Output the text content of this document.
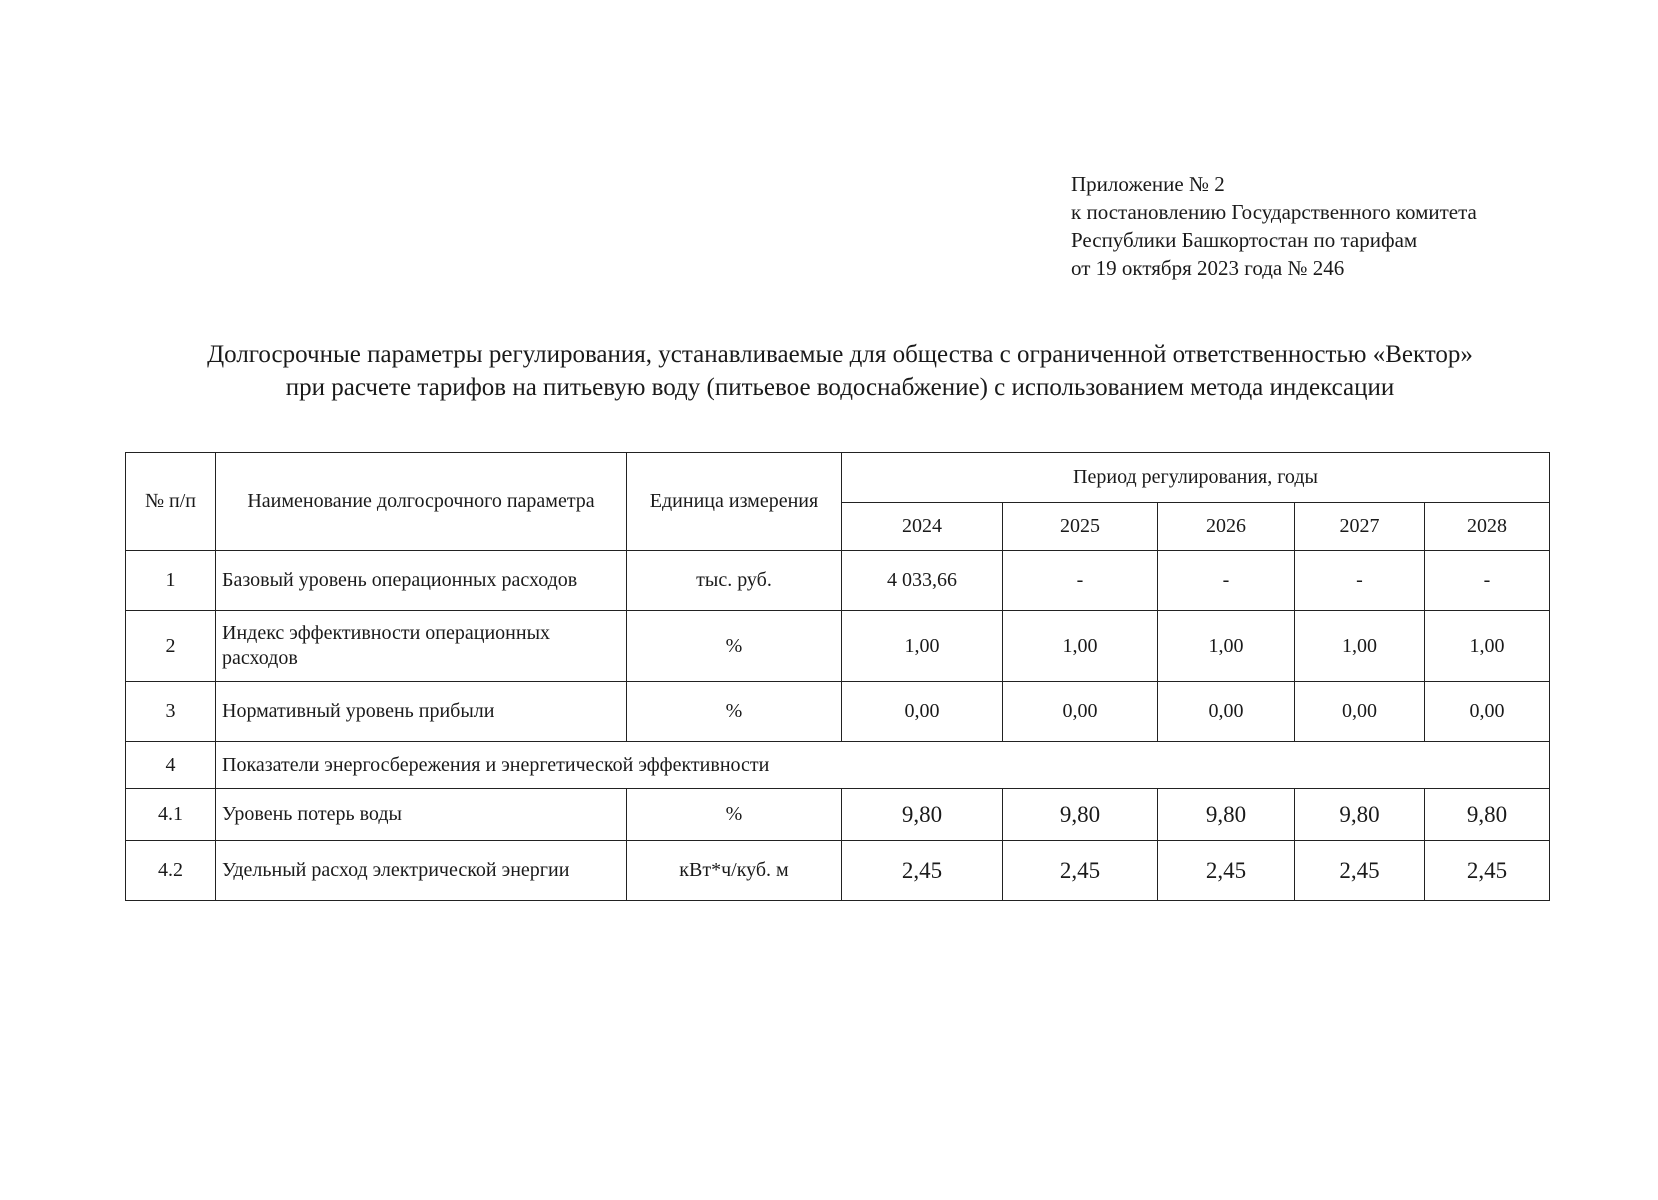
Приложение № 2
к постановлению Государственного комитета
Республики Башкортостан по тарифам
от 19 октября 2023 года № 246
Долгосрочные параметры регулирования, устанавливаемые для общества с ограниченной ответственностью «Вектор»
при расчете тарифов на питьевую воду (питьевое водоснабжение) с использованием метода индексации
№ п/п	Наименование долгосрочного параметра	Единица измерения	Период регулирования, годы				
			2024	2025	2026	2027	2028
1	Базовый уровень операционных расходов	тыс. руб.	4 033,66	-	-	-	-
2	Индекс эффективности операционных расходов	%	1,00	1,00	1,00	1,00	1,00
3	Нормативный уровень прибыли	%	0,00	0,00	0,00	0,00	0,00
4	Показатели энергосбережения и энергетической эффективности						
4.1	Уровень потерь воды	%	9,80	9,80	9,80	9,80	9,80
4.2	Удельный расход электрической энергии	кВт*ч/куб. м	2,45	2,45	2,45	2,45	2,45
